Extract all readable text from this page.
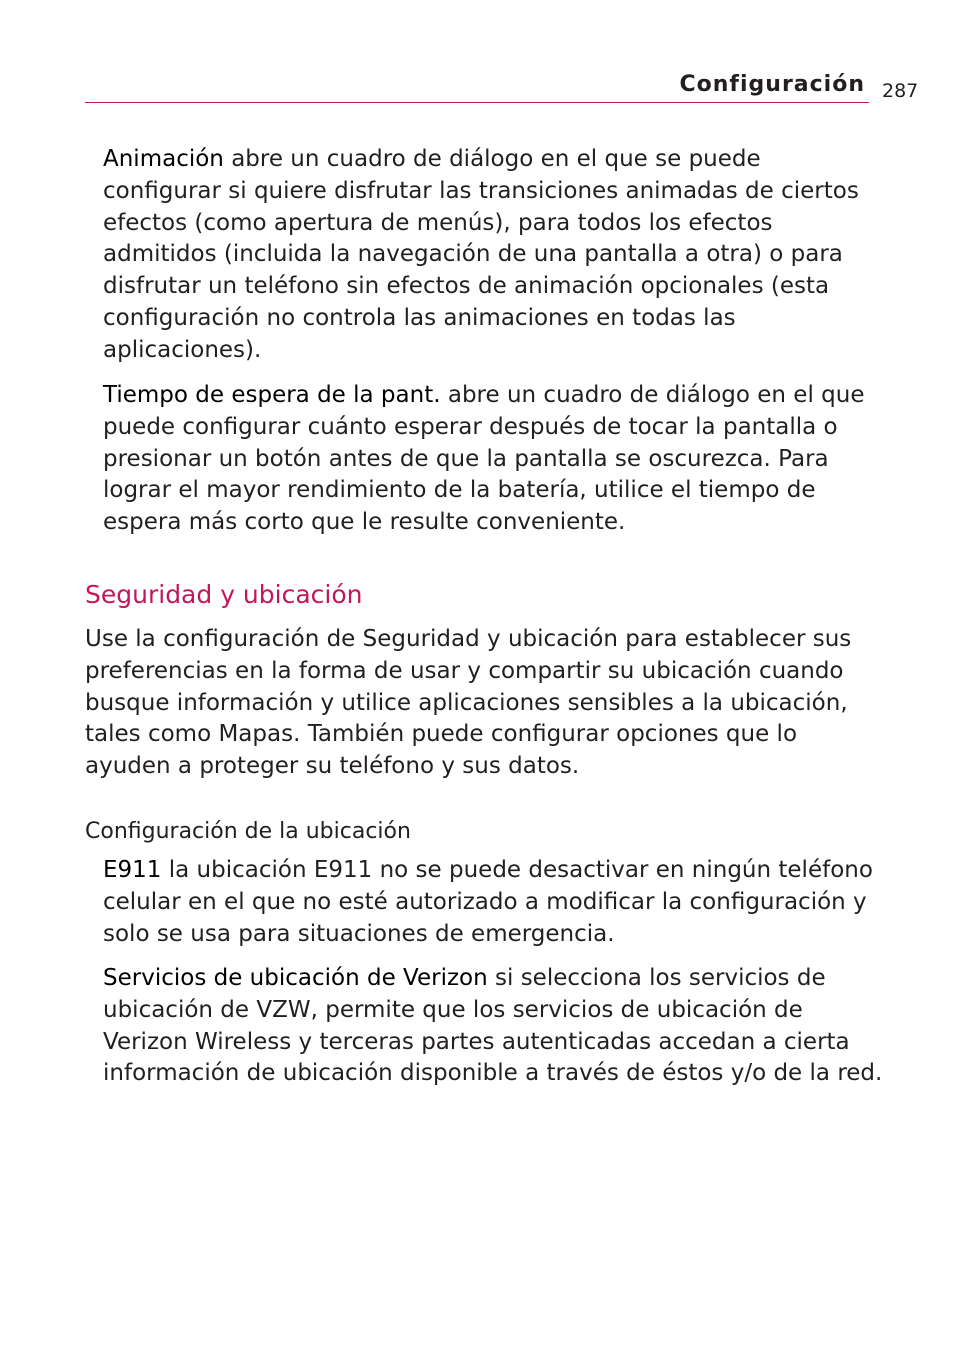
Configuración 287

Animación abre un cuadro de diálogo en el que se puede configurar si quiere disfrutar las transiciones animadas de ciertos efectos (como apertura de menús), para todos los efectos admitidos (incluida la navegación de una pantalla a otra) o para disfrutar un teléfono sin efectos de animación opcionales (esta configuración no controla las animaciones en todas las aplicaciones).

Tiempo de espera de la pant. abre un cuadro de diálogo en el que puede configurar cuánto esperar después de tocar la pantalla o presionar un botón antes de que la pantalla se oscurezca. Para lograr el mayor rendimiento de la batería, utilice el tiempo de espera más corto que le resulte conveniente.

Seguridad y ubicación

Use la configuración de Seguridad y ubicación para establecer sus preferencias en la forma de usar y compartir su ubicación cuando busque información y utilice aplicaciones sensibles a la ubicación, tales como Mapas. También puede configurar opciones que lo ayuden a proteger su teléfono y sus datos.

Configuración de la ubicación

E911 la ubicación E911 no se puede desactivar en ningún teléfono celular en el que no esté autorizado a modificar la configuración y solo se usa para situaciones de emergencia.

Servicios de ubicación de Verizon si selecciona los servicios de ubicación de VZW, permite que los servicios de ubicación de Verizon Wireless y terceras partes autenticadas accedan a cierta información de ubicación disponible a través de éstos y/o de la red.
